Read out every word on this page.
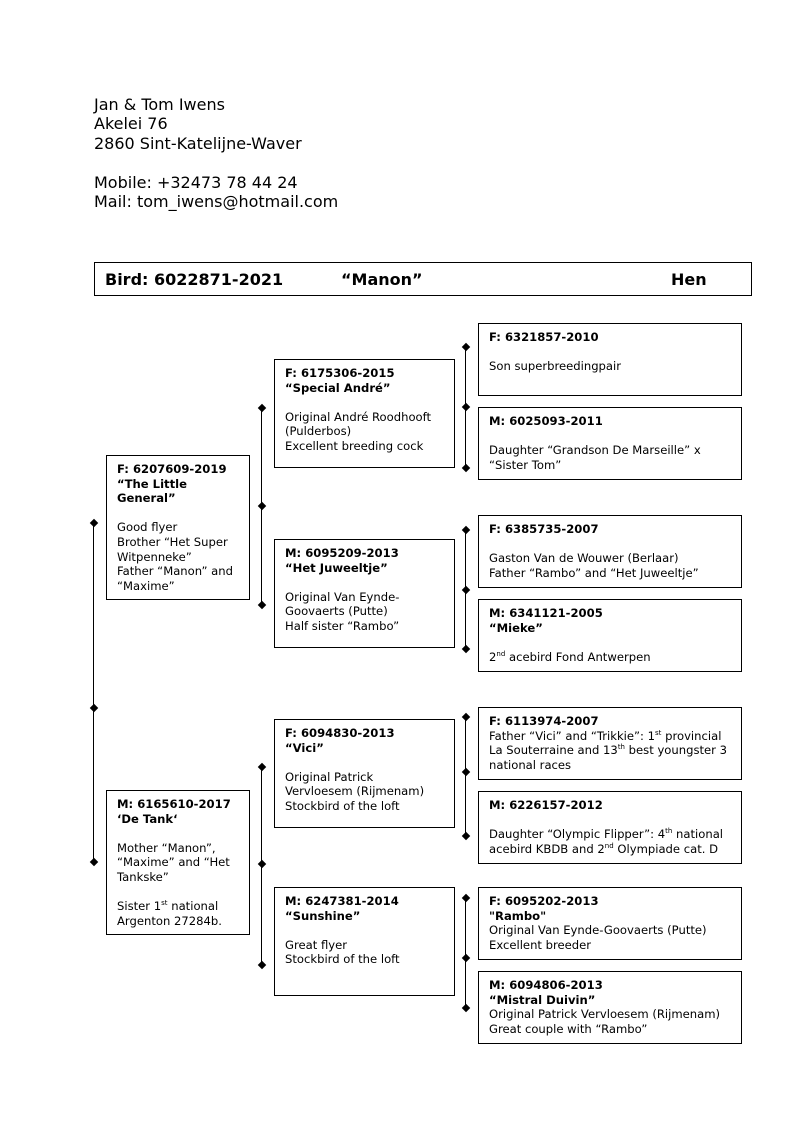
Jan & Tom Iwens
Akelei 76
2860 Sint-Katelijne-Waver
Mobile: +32473 78 44 24
Mail: tom_iwens@hotmail.com
Bird: 6022871-2021	“Manon”	Hen

F: 6207609-2019

“The Little General”

Good flyer

Brother “Het Super Witpenneke”

Father “Manon” and “Maxime”

M: 6165610-2017

‘De Tank‘

Mother “Manon”, “Maxime” and “Het Tankske”

Sister 1st national Argenton 27284b.

F: 6175306-2015

“Special André”

Original André Roodhooft (Pulderbos)

Excellent breeding cock

M: 6095209-2013

“Het Juweeltje”

Original Van Eynde-Goovaerts (Putte)

Half sister “Rambo”

F: 6094830-2013

“Vici”

Original Patrick Vervloesem (Rijmenam)

Stockbird of the loft

M: 6247381-2014

“Sunshine”

Great flyer

Stockbird of the loft

F: 6321857-2010

Son superbreedingpair

M: 6025093-2011

Daughter “Grandson De Marseille” x “Sister Tom”

F: 6385735-2007

Gaston Van de Wouwer (Berlaar)

Father “Rambo” and “Het Juweeltje”

M: 6341121-2005

“Mieke”

2nd acebird Fond Antwerpen

F: 6113974-2007

Father “Vici” and “Trikkie”: 1st provincial La Souterraine and 13th best youngster 3 national races

M: 6226157-2012

Daughter “Olympic Flipper”: 4th national acebird KBDB and 2nd Olympiade cat. D

F: 6095202-2013

"Rambo"

Original Van Eynde-Goovaerts (Putte)

Excellent breeder

M: 6094806-2013

“Mistral Duivin”

Original Patrick Vervloesem (Rijmenam)

Great couple with “Rambo”
